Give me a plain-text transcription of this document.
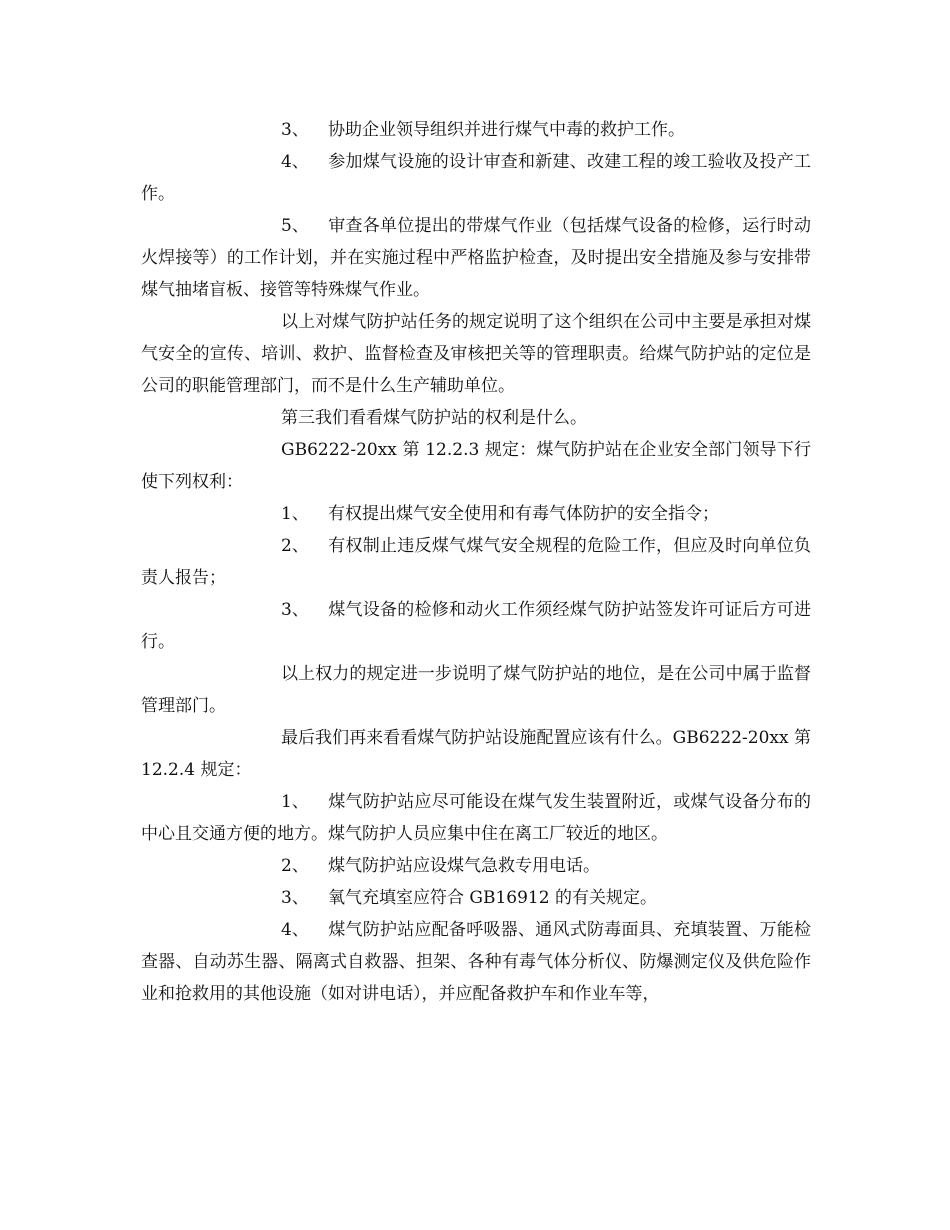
3、 协助企业领导组织并进行煤气中毒的救护工作。

4、 参加煤气设施的设计审查和新建、改建工程的竣工验收及投产工作。

5、 审查各单位提出的带煤气作业（包括煤气设备的检修，运行时动火焊接等）的工作计划，并在实施过程中严格监护检查，及时提出安全措施及参与安排带煤气抽堵盲板、接管等特殊煤气作业。

以上对煤气防护站任务的规定说明了这个组织在公司中主要是承担对煤气安全的宣传、培训、救护、监督检查及审核把关等的管理职责。给煤气防护站的定位是公司的职能管理部门，而不是什么生产辅助单位。

第三我们看看煤气防护站的权利是什么。

GB6222-20xx 第 12.2.3 规定：煤气防护站在企业安全部门领导下行使下列权利：

1、 有权提出煤气安全使用和有毒气体防护的安全指令；

2、 有权制止违反煤气煤气安全规程的危险工作，但应及时向单位负责人报告；

3、 煤气设备的检修和动火工作须经煤气防护站签发许可证后方可进行。

以上权力的规定进一步说明了煤气防护站的地位，是在公司中属于监督管理部门。

最后我们再来看看煤气防护站设施配置应该有什么。GB6222-20xx 第 12.2.4 规定：

1、 煤气防护站应尽可能设在煤气发生装置附近，或煤气设备分布的中心且交通方便的地方。煤气防护人员应集中住在离工厂较近的地区。

2、 煤气防护站应设煤气急救专用电话。

3、 氧气充填室应符合 GB16912 的有关规定。

4、 煤气防护站应配备呼吸器、通风式防毒面具、充填装置、万能检查器、自动苏生器、隔离式自救器、担架、各种有毒气体分析仪、防爆测定仪及供危险作业和抢救用的其他设施（如对讲电话），并应配备救护车和作业车等，
